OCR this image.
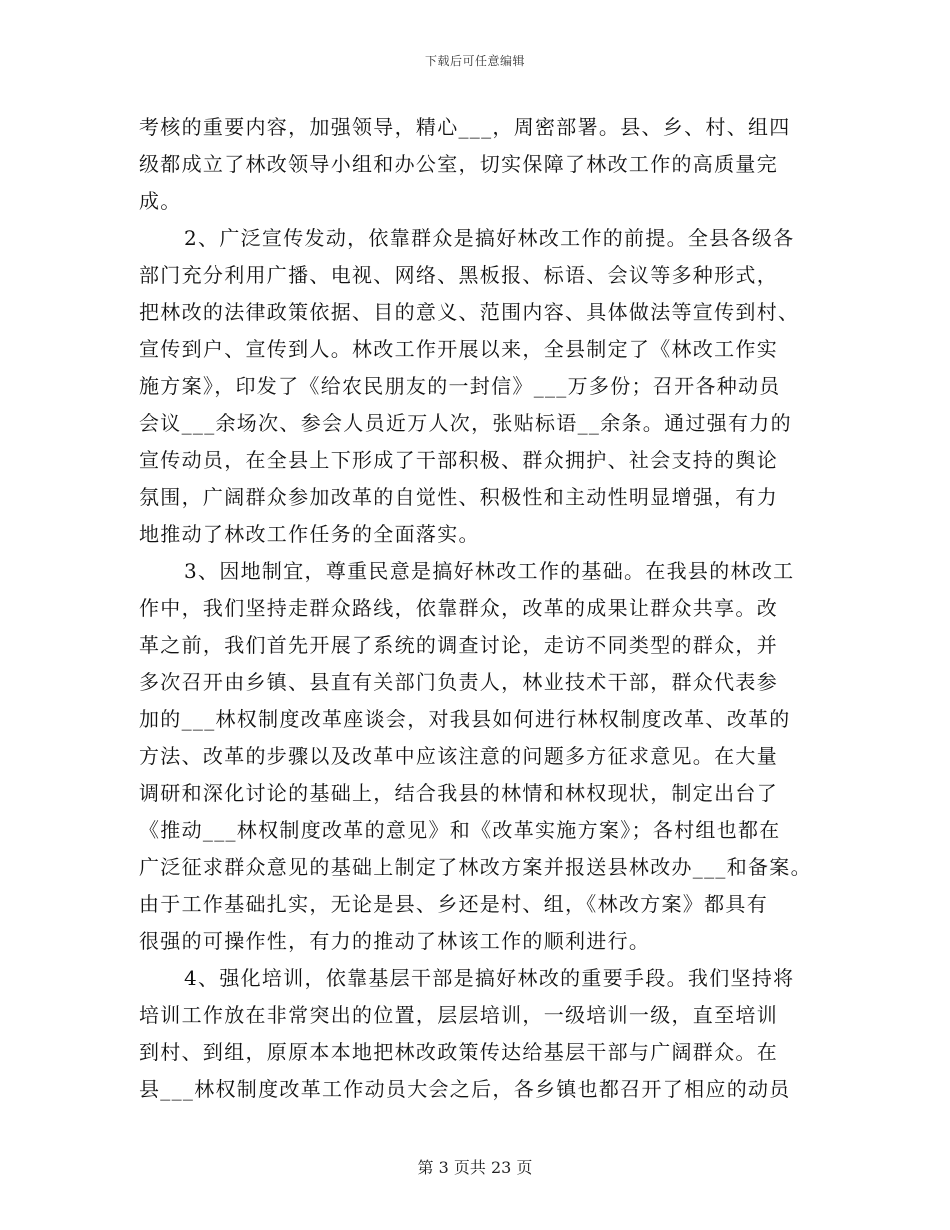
下载后可任意编辑
考核的重要内容，加强领导，精心___，周密部署。县、乡、村、组四
级都成立了林改领导小组和办公室，切实保障了林改工作的高质量完
成。
2、广泛宣传发动，依靠群众是搞好林改工作的前提。全县各级各
部门充分利用广播、电视、网络、黑板报、标语、会议等多种形式，
把林改的法律政策依据、目的意义、范围内容、具体做法等宣传到村、
宣传到户、宣传到人。林改工作开展以来，全县制定了《林改工作实
施方案》，印发了《给农民朋友的一封信》___万多份；召开各种动员
会议___余场次、参会人员近万人次，张贴标语__余条。通过强有力的
宣传动员，在全县上下形成了干部积极、群众拥护、社会支持的舆论
氛围，广阔群众参加改革的自觉性、积极性和主动性明显增强，有力
地推动了林改工作任务的全面落实。
3、因地制宜，尊重民意是搞好林改工作的基础。在我县的林改工
作中，我们坚持走群众路线，依靠群众，改革的成果让群众共享。改
革之前，我们首先开展了系统的调查讨论，走访不同类型的群众，并
多次召开由乡镇、县直有关部门负责人，林业技术干部，群众代表参
加的___林权制度改革座谈会，对我县如何进行林权制度改革、改革的
方法、改革的步骤以及改革中应该注意的问题多方征求意见。在大量
调研和深化讨论的基础上，结合我县的林情和林权现状，制定出台了
《推动___林权制度改革的意见》和《改革实施方案》；各村组也都在
广泛征求群众意见的基础上制定了林改方案并报送县林改办___和备案。
由于工作基础扎实，无论是县、乡还是村、组，《林改方案》都具有
很强的可操作性，有力的推动了林该工作的顺利进行。
4、强化培训，依靠基层干部是搞好林改的重要手段。我们坚持将
培训工作放在非常突出的位置，层层培训，一级培训一级，直至培训
到村、到组，原原本本地把林改政策传达给基层干部与广阔群众。在
县___林权制度改革工作动员大会之后，各乡镇也都召开了相应的动员
第 3 页共 23 页
